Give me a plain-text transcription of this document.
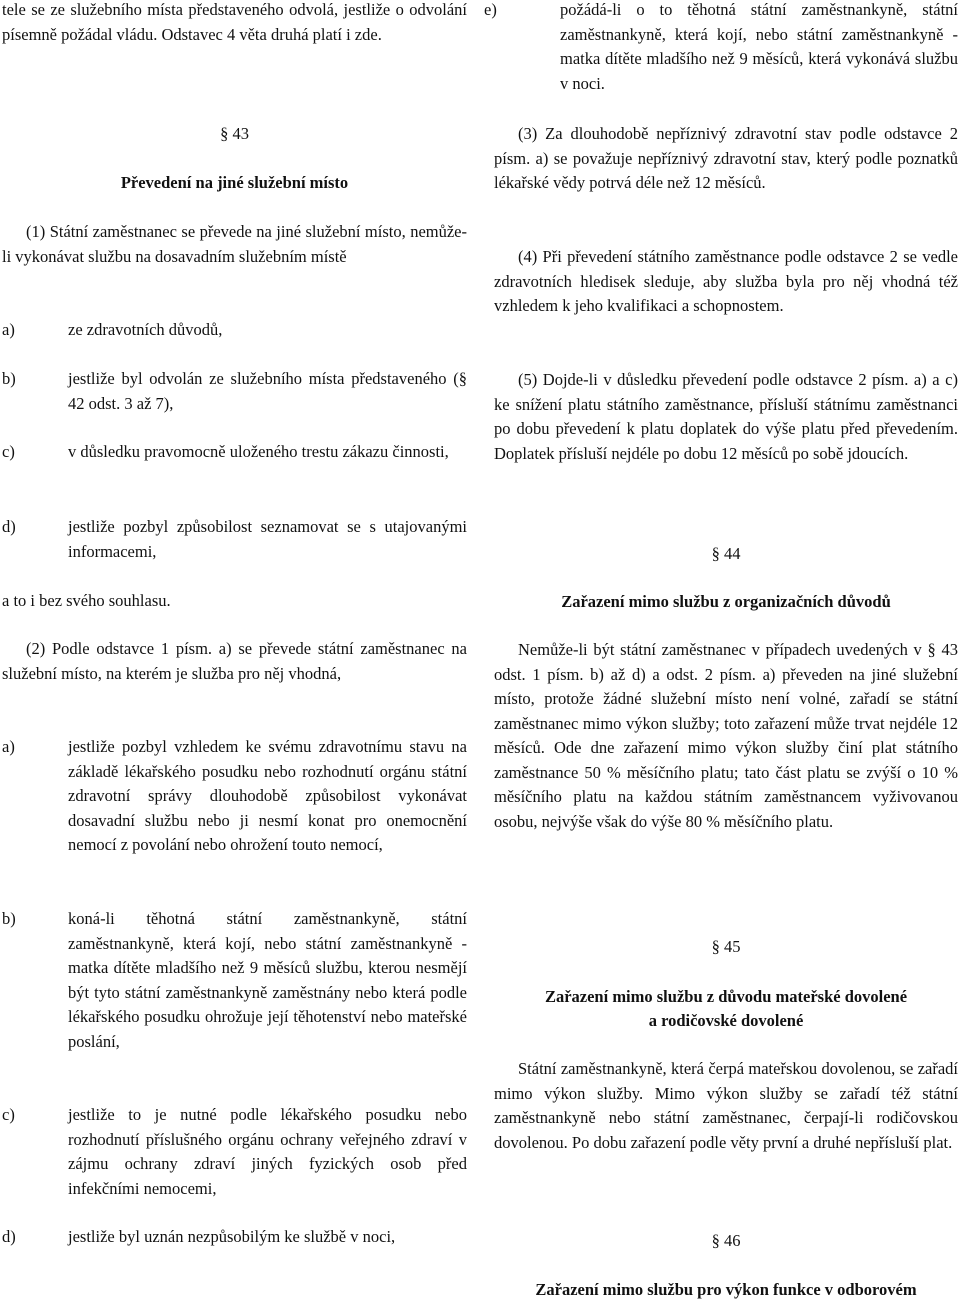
tele se ze služebního místa představeného odvolá, jestliže o odvolání písemně požádal vládu. Odstavec 4 věta druhá platí i zde.
§ 43
Převedení na jiné služební místo
(1) Státní zaměstnanec se převede na jiné služební místo, nemůže-li vykonávat službu na dosavadním služebním místě
a)	ze zdravotních důvodů,
b)	jestliže byl odvolán ze služebního místa představeného (§ 42 odst. 3 až 7),
c)	v důsledku pravomocně uloženého trestu zákazu činnosti,
d)	jestliže pozbyl způsobilost seznamovat se s utajovanými informacemi,
a to i bez svého souhlasu.
(2) Podle odstavce 1 písm. a) se převede státní zaměstnanec na služební místo, na kterém je služba pro něj vhodná,
a)	jestliže pozbyl vzhledem ke svému zdravotnímu stavu na základě lékařského posudku nebo rozhodnutí orgánu státní zdravotní správy dlouhodobě způsobilost vykonávat dosavadní službu nebo ji nesmí konat pro onemocnění nemocí z povolání nebo ohrožení touto nemocí,
b)	koná-li těhotná státní zaměstnankyně, státní zaměstnankyně, která kojí, nebo státní zaměstnankyně - matka dítěte mladšího než 9 měsíců službu, kterou nesmějí být tyto státní zaměstnankyně zaměstnány nebo která podle lékařského posudku ohrožuje její těhotenství nebo mateřské poslání,
c)	jestliže to je nutné podle lékařského posudku nebo rozhodnutí příslušného orgánu ochrany veřejného zdraví v zájmu ochrany zdraví jiných fyzických osob před infekčními nemocemi,
d)	jestliže byl uznán nezpůsobilým ke službě v noci,
e)	požádá-li o to těhotná státní zaměstnankyně, státní zaměstnankyně, která kojí, nebo státní zaměstnankyně - matka dítěte mladšího než 9 měsíců, která vykonává službu v noci.
(3) Za dlouhodobě nepříznivý zdravotní stav podle odstavce 2 písm. a) se považuje nepříznivý zdravotní stav, který podle poznatků lékařské vědy potrvá déle než 12 měsíců.
(4) Při převedení státního zaměstnance podle odstavce 2 se vedle zdravotních hledisek sleduje, aby služba byla pro něj vhodná též vzhledem k jeho kvalifikaci a schopnostem.
(5) Dojde-li v důsledku převedení podle odstavce 2 písm. a) a c) ke snížení platu státního zaměstnance, přísluší státnímu zaměstnanci po dobu převedení k platu doplatek do výše platu před převedením. Doplatek přísluší nejdéle po dobu 12 měsíců po sobě jdoucích.
§ 44
Zařazení mimo službu z organizačních důvodů
Nemůže-li být státní zaměstnanec v případech uvedených v § 43 odst. 1 písm. b) až d) a odst. 2 písm. a) převeden na jiné služební místo, protože žádné služební místo není volné, zařadí se státní zaměstnanec mimo výkon služby; toto zařazení může trvat nejdéle 12 měsíců. Ode dne zařazení mimo výkon služby činí plat státního zaměstnance 50 % měsíčního platu; tato část platu se zvýší o 10 % měsíčního platu na každou státním zaměstnancem vyživovanou osobu, nejvýše však do výše 80 % měsíčního platu.
§ 45
Zařazení mimo službu z důvodu mateřské dovolené
a rodičovské dovolené
Státní zaměstnankyně, která čerpá mateřskou dovolenou, se zařadí mimo výkon služby. Mimo výkon služby se zařadí též státní zaměstnankyně nebo státní zaměstnanec, čerpají-li rodičovskou dovolenou. Po dobu zařazení podle věty první a druhé nepřísluší plat.
§ 46
Zařazení mimo službu pro výkon funkce v odborovém
